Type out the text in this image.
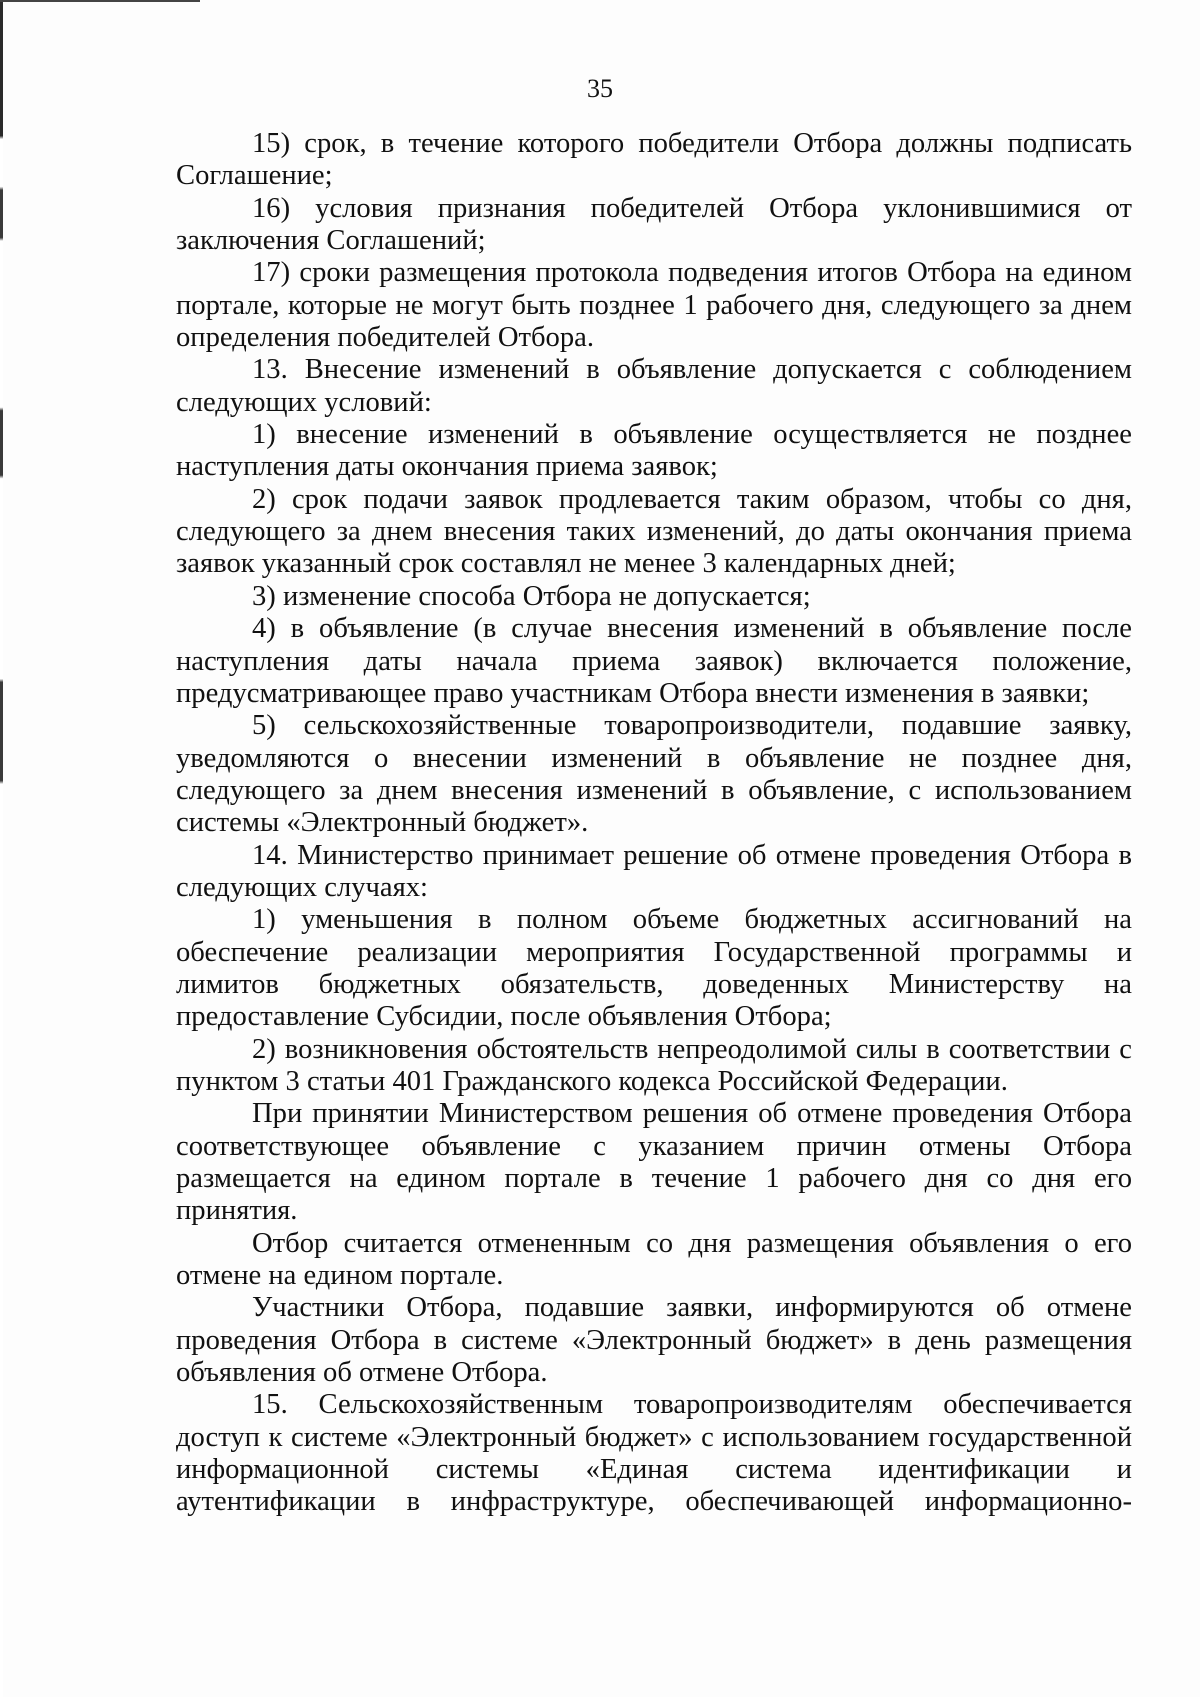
35

15) срок, в течение которого победители Отбора должны подписать Соглашение;

16) условия признания победителей Отбора уклонившимися от заключения Соглашений;

17) сроки размещения протокола подведения итогов Отбора на едином портале, которые не могут быть позднее 1 рабочего дня, следующего за днем определения победителей Отбора.

13. Внесение изменений в объявление допускается с соблюдением следующих условий:

1) внесение изменений в объявление осуществляется не позднее наступления даты окончания приема заявок;

2) срок подачи заявок продлевается таким образом, чтобы со дня, следующего за днем внесения таких изменений, до даты окончания приема заявок указанный срок составлял не менее 3 календарных дней;

3) изменение способа Отбора не допускается;

4) в объявление (в случае внесения изменений в объявление после наступления даты начала приема заявок) включается положение, предусматривающее право участникам Отбора внести изменения в заявки;

5) сельскохозяйственные товаропроизводители, подавшие заявку, уведомляются о внесении изменений в объявление не позднее дня, следующего за днем внесения изменений в объявление, с использованием системы «Электронный бюджет».

14. Министерство принимает решение об отмене проведения Отбора в следующих случаях:

1) уменьшения в полном объеме бюджетных ассигнований на обеспечение реализации мероприятия Государственной программы и лимитов бюджетных обязательств, доведенных Министерству на предоставление Субсидии, после объявления Отбора;

2) возникновения обстоятельств непреодолимой силы в соответствии с пунктом 3 статьи 401 Гражданского кодекса Российской Федерации.

При принятии Министерством решения об отмене проведения Отбора соответствующее объявление с указанием причин отмены Отбора размещается на едином портале в течение 1 рабочего дня со дня его принятия.

Отбор считается отмененным со дня размещения объявления о его отмене на едином портале.

Участники Отбора, подавшие заявки, информируются об отмене проведения Отбора в системе «Электронный бюджет» в день размещения объявления об отмене Отбора.

15. Сельскохозяйственным товаропроизводителям обеспечивается доступ к системе «Электронный бюджет» с использованием государственной информационной системы «Единая система идентификации и аутентификации в инфраструктуре, обеспечивающей информационно-
